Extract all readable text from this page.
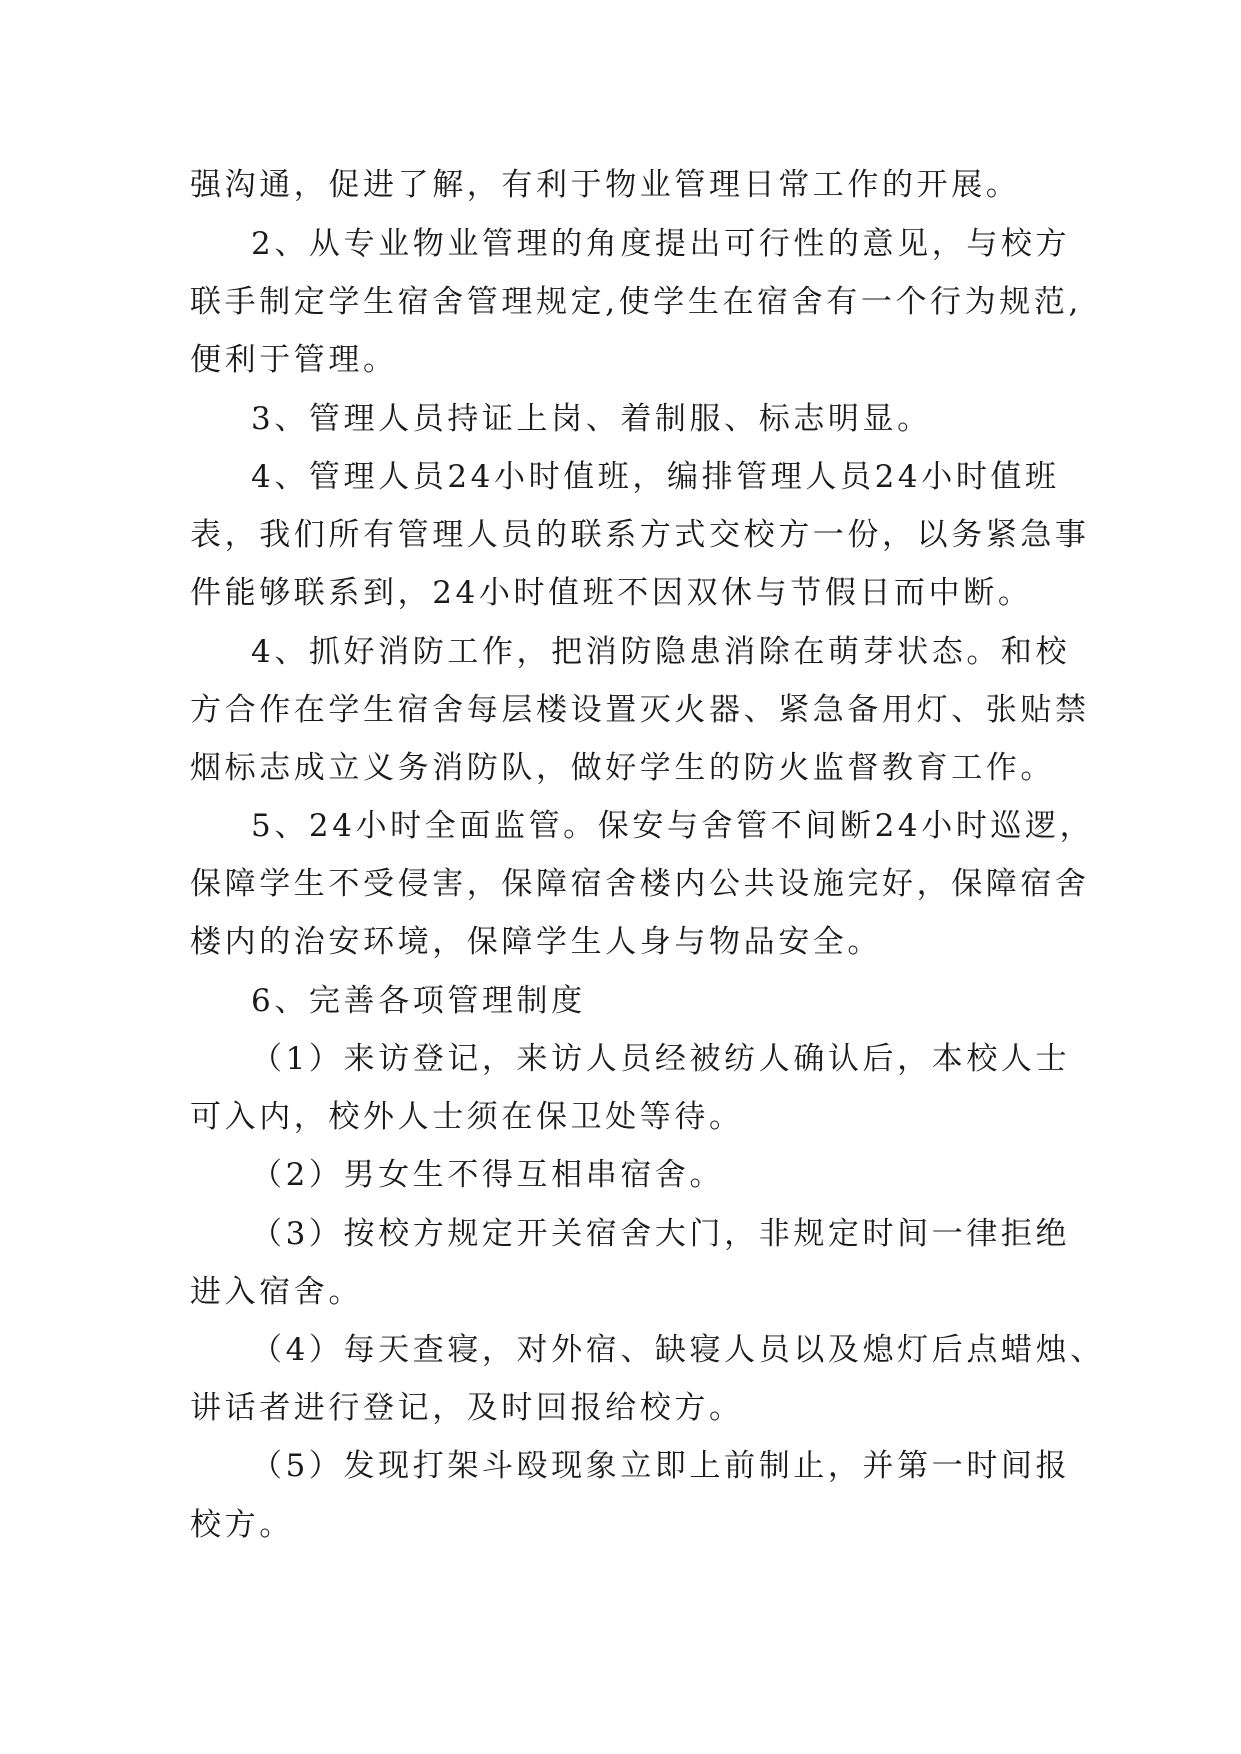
强沟通，促进了解，有利于物业管理日常工作的开展。
2、从专业物业管理的角度提出可行性的意见，与校方
联手制定学生宿舍管理规定,使学生在宿舍有一个行为规范,
便利于管理。
3、管理人员持证上岗、着制服、标志明显。
4、管理人员24小时值班，编排管理人员24小时值班
表，我们所有管理人员的联系方式交校方一份，以务紧急事
件能够联系到，24小时值班不因双休与节假日而中断。
4、抓好消防工作，把消防隐患消除在萌芽状态。和校
方合作在学生宿舍每层楼设置灭火器、紧急备用灯、张贴禁
烟标志成立义务消防队，做好学生的防火监督教育工作。
5、24小时全面监管。保安与舍管不间断24小时巡逻，
保障学生不受侵害，保障宿舍楼内公共设施完好，保障宿舍
楼内的治安环境，保障学生人身与物品安全。
6、完善各项管理制度
（1）来访登记，来访人员经被纺人确认后，本校人士
可入内，校外人士须在保卫处等待。
（2）男女生不得互相串宿舍。
（3）按校方规定开关宿舍大门，非规定时间一律拒绝
进入宿舍。
（4）每天查寝，对外宿、缺寝人员以及熄灯后点蜡烛、
讲话者进行登记，及时回报给校方。
（5）发现打架斗殴现象立即上前制止，并第一时间报
校方。
